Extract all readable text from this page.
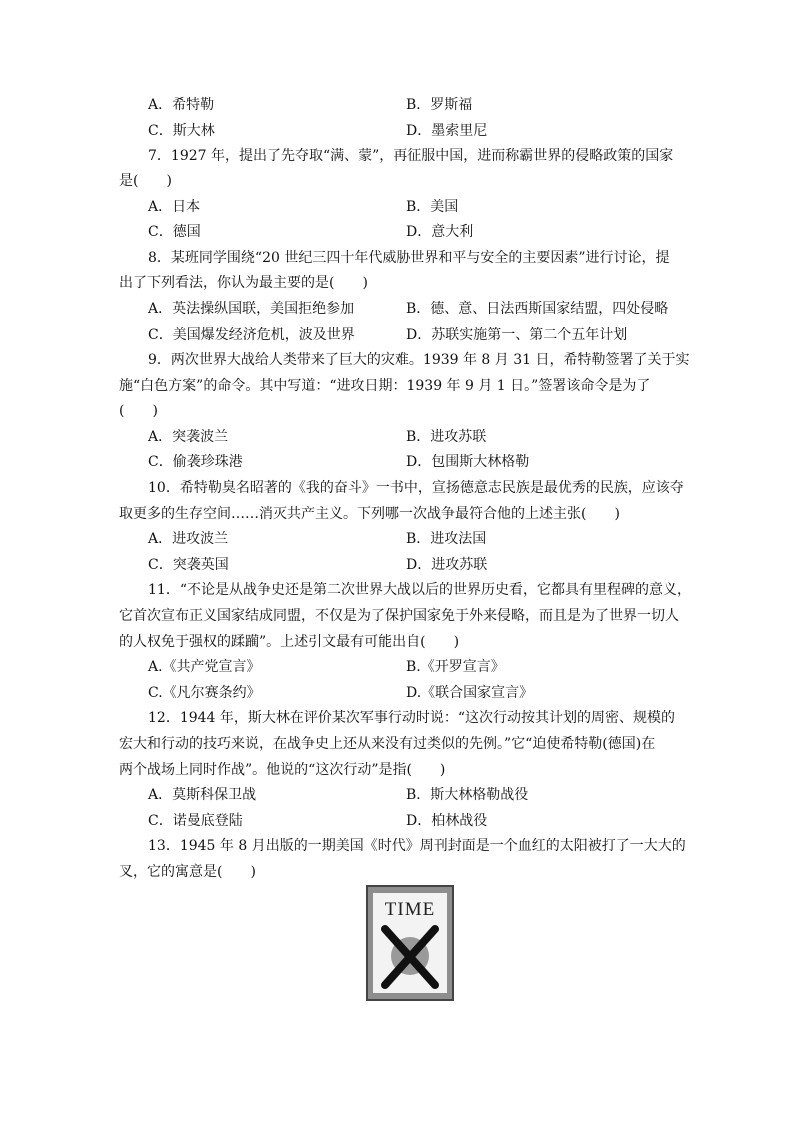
A．希特勒	B．罗斯福
C．斯大林	D．墨索里尼
7．1927 年，提出了先夺取“满、蒙”，再征服中国，进而称霸世界的侵略政策的国家
是(　　)
A．日本	B．美国
C．德国	D．意大利
8．某班同学围绕“20 世纪三四十年代威胁世界和平与安全的主要因素”进行讨论，提
出了下列看法，你认为最主要的是(　　)
A．英法操纵国联，美国拒绝参加	B．德、意、日法西斯国家结盟，四处侵略
C．美国爆发经济危机，波及世界	D．苏联实施第一、第二个五年计划
9．两次世界大战给人类带来了巨大的灾难。1939 年 8 月 31 日，希特勒签署了关于实
施“白色方案”的命令。其中写道：“进攻日期：1939 年 9 月 1 日。”签署该命令是为了
(　　)
A．突袭波兰	B．进攻苏联
C．偷袭珍珠港	D．包围斯大林格勒
10．希特勒臭名昭著的《我的奋斗》一书中，宣扬德意志民族是最优秀的民族，应该夺
取更多的生存空间……消灭共产主义。下列哪一次战争最符合他的上述主张(　　)
A．进攻波兰	B．进攻法国
C．突袭英国	D．进攻苏联
11．“不论是从战争史还是第二次世界大战以后的世界历史看，它都具有里程碑的意义，
它首次宣布正义国家结成同盟，不仅是为了保护国家免于外来侵略，而且是为了世界一切人
的人权免于强权的蹂躏”。上述引文最有可能出自(　　)
A.《共产党宣言》	B.《开罗宣言》
C.《凡尔赛条约》	D.《联合国家宣言》
12．1944 年，斯大林在评价某次军事行动时说：“这次行动按其计划的周密、规模的
宏大和行动的技巧来说，在战争史上还从来没有过类似的先例。”它“迫使希特勒(德国)在
两个战场上同时作战”。他说的“这次行动”是指(　　)
A．莫斯科保卫战	B．斯大林格勒战役
C．诺曼底登陆	D．柏林战役
13．1945 年 8 月出版的一期美国《时代》周刊封面是一个血红的太阳被打了一大大的
叉，它的寓意是(　　)
TIME
